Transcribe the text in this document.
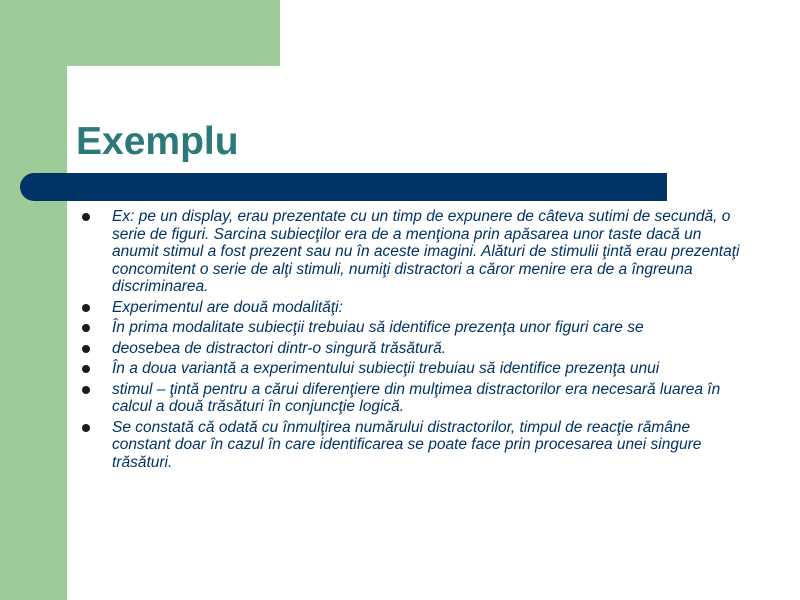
Exemplu
Ex: pe un display, erau prezentate cu un timp de expunere de câteva sutimi de secundă, o serie de figuri. Sarcina subiecţilor era de a menţiona prin apăsarea unor taste dacă un anumit stimul a fost prezent sau nu în aceste imagini. Alături de stimulii ţintă erau prezentaţi concomitent o serie de alţi stimuli, numiţi distractori a căror menire era de a îngreuna discriminarea.
Experimentul are două modalităţi:
În prima modalitate subiecţii trebuiau să identifice prezenţa unor figuri care se
deosebea de distractori dintr-o singură trăsătură.
În a doua variantă a experimentului subiecţii trebuiau să identifice prezenţa unui
stimul – ţintă pentru a cărui diferenţiere din mulţimea distractorilor era necesară luarea în calcul a două trăsături în conjuncţie logică.
Se constată că odată cu înmulţirea numărului distractorilor, timpul de reacţie rămâne constant doar în cazul în care identificarea se poate face prin procesarea unei singure trăsături.
